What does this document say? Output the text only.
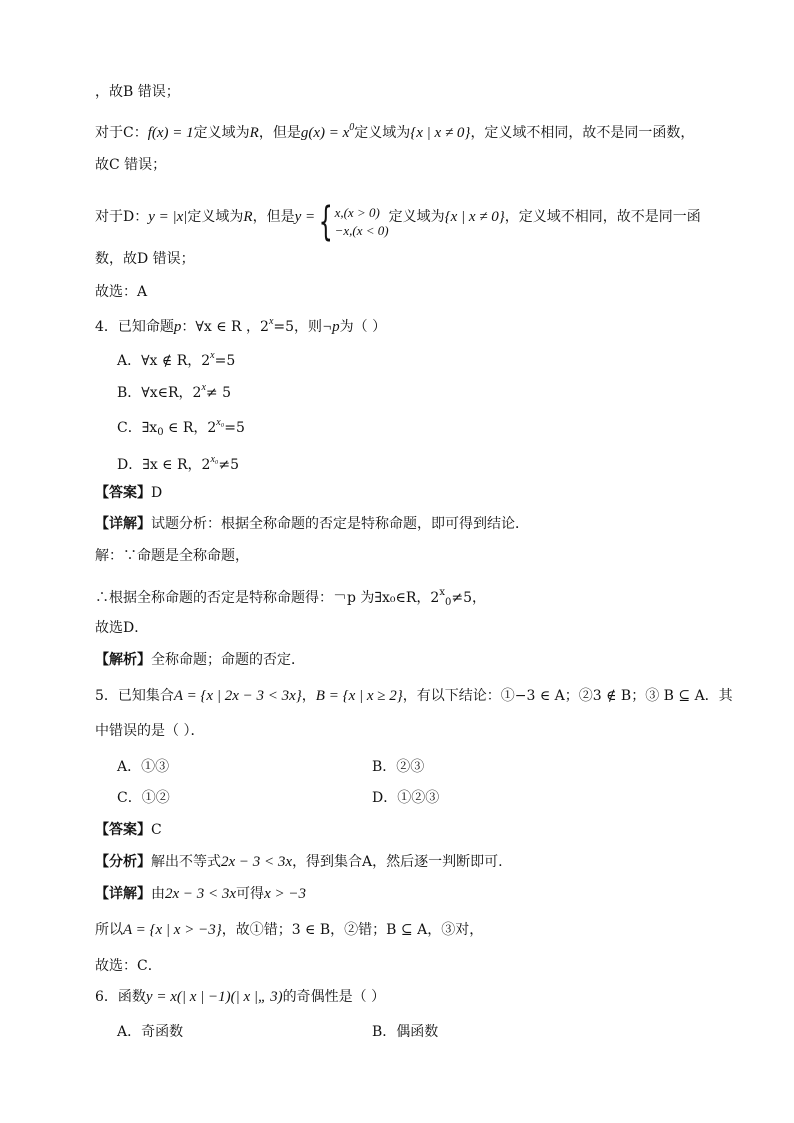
，故B 错误；
对于C：f(x) = 1定义域为R，但是$g(x) = x^0$定义域为{x | x ≠ 0}，定义域不相同，故不是同一函数，
故C 错误；
对于D：y = |x|定义域为R，但是y ={ x,(x > 0)
−x,(x < 0)定义域为{x | x ≠ 0}，定义域不相同，故不是同一函
数，故D 错误；
故选：A
4．已知命题p：∀x ∈ R ，$2^x=5$，则¬p为（ ）
A．∀x ∉ R，$2^x=5$
B．∀x∈R，$2^x\ne 5$
C．$\exists x_0$ ∈ R，$2^{x_0}=5$
D．∃x ∈ R，$2^{x_0}\ne 5$
【答案】D
【详解】试题分析：根据全称命题的否定是特称命题，即可得到结论．
解：∵命题是全称命题，
∴根据全称命题的否定是特称命题得：￢p 为∃x₀∈R，$2^x_0\ne 5$，
故选D．
【解析】全称命题；命题的否定．
5．已知集合A = {x | 2x − 3 < 3x}，B = {x | x ≥ 2}，有以下结论：①−3 ∈ A；②3 ∉ B；③ B ⊆ A．其
中错误的是（ ）．
A．①③	B．②③
C．①②	D．①②③
【答案】C
【分析】解出不等式2x − 3 < 3x，得到集合A，然后逐一判断即可.
【详解】由2x − 3 < 3x可得x > −3
所以A = {x | x > −3}，故①错；3 ∈ B，②错；B ⊆ A，③对，
故选：C．
6．函数y = x(| x | −1)(| x |„ 3)的奇偶性是（ ）
A．奇函数	B．偶函数
